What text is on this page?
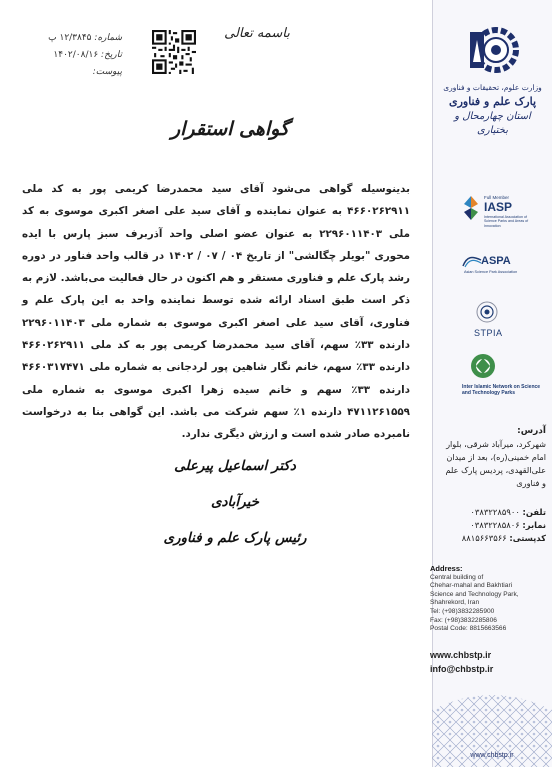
شماره: ۱۲/۳۸۴۵ پ
تاریخ: ۱۴۰۲/۰۸/۱۶
پیوست:
باسمه تعالی
گواهی استقرار

بدینوسیله گواهی می‌شود آقای سید محمدرضا کریمی پور به کد ملی ۴۶۶۰۲۶۲۹۱۱ به عنوان نماینده و آقای سید علی اصغر اکبری موسوی به کد ملی ۲۲۹۶۰۱۱۴۰۳ به عنوان عضو اصلی واحد آذربرف سبز پارس با ایده محوری "بویلر چگالشی" از تاریخ ۰۴ / ۰۷ / ۱۴۰۲ در قالب واحد فناور در دوره رشد پارک علم و فناوری مستقر و هم اکنون در حال فعالیت می‌باشد. لازم به ذکر است طبق اسناد ارائه شده توسط نماینده واحد به این پارک علم و فناوری، آقای سید علی اصغر اکبری موسوی به شماره ملی ۲۲۹۶۰۱۱۴۰۳ دارنده ۳۳٪ سهم، آقای سید محمدرضا کریمی پور به کد ملی ۴۶۶۰۲۶۲۹۱۱ دارنده ۳۳٪ سهم، خانم نگار شاهین پور لردجانی به شماره ملی ۴۶۶۰۳۱۷۴۷۱ دارنده ۳۳٪ سهم و خانم سیده زهرا اکبری موسوی به شماره ملی ۴۷۱۱۲۶۱۵۵۹ دارنده ۱٪ سهم شرکت می باشد. این گواهی بنا به درخواست نامبرده صادر شده است و ارزش دیگری ندارد.

دکتر اسماعیل پیرعلی خیرآبادی
رئیس پارک علم و فناوری
وزارت علوم، تحقیقات و فناوری
پارک علم و فناوری
استان چهارمحال و بختیاری
Full Member
IASP
International Association of Science Parks and Areas of Innovation
ASPA
Asian Science Park Association
STPIA
Inter Islamic Network on Science and Technology Parks
آدرس:
شهرکرد، میرآباد شرقی، بلوار امام خمینی(ره)، بعد از میدان علی‌القهدی، پردیس پارک علم و فناوری
تلفن: ۰۳۸۳۲۲۸۵۹۰۰
نمابر: ۰۳۸۳۲۲۸۵۸۰۶
کدپستی: ۸۸۱۵۶۶۳۵۶۶
Address:
Central building of
Chehar-mahal and Bakhtiari
Science and Technology Park,
Shahrekord, Iran
Tel: (+98)3832285900
Fax: (+98)3832285806
Postal Code: 8815663566
www.chbstp.ir
info@chbstp.ir
www.chbstp.ir
